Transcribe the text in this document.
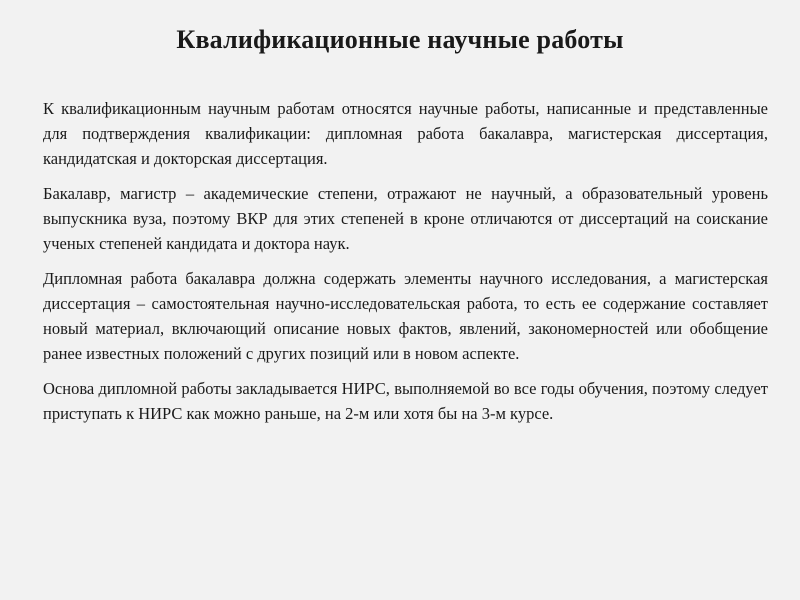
Квалификационные научные работы

К квалификационным научным работам относятся научные работы, написанные и представленные для подтверждения квалификации: дипломная работа бакалавра, магистерская диссертация, кандидатская и докторская диссертация.

Бакалавр, магистр – академические степени, отражают не научный, а образовательный уровень выпускника вуза, поэтому ВКР для этих степеней в кроне отличаются от диссертаций на соискание ученых степеней кандидата и доктора наук.

Дипломная работа бакалавра должна содержать элементы научного исследования, а магистерская диссертация – самостоятельная научно-исследовательская работа, то есть ее содержание составляет новый материал, включающий описание новых фактов, явлений, закономерностей или обобщение ранее известных положений с других позиций или в новом аспекте.

Основа дипломной работы закладывается НИРС, выполняемой во все годы обучения, поэтому следует приступать к НИРС как можно раньше, на 2-м или хотя бы на 3-м курсе.
